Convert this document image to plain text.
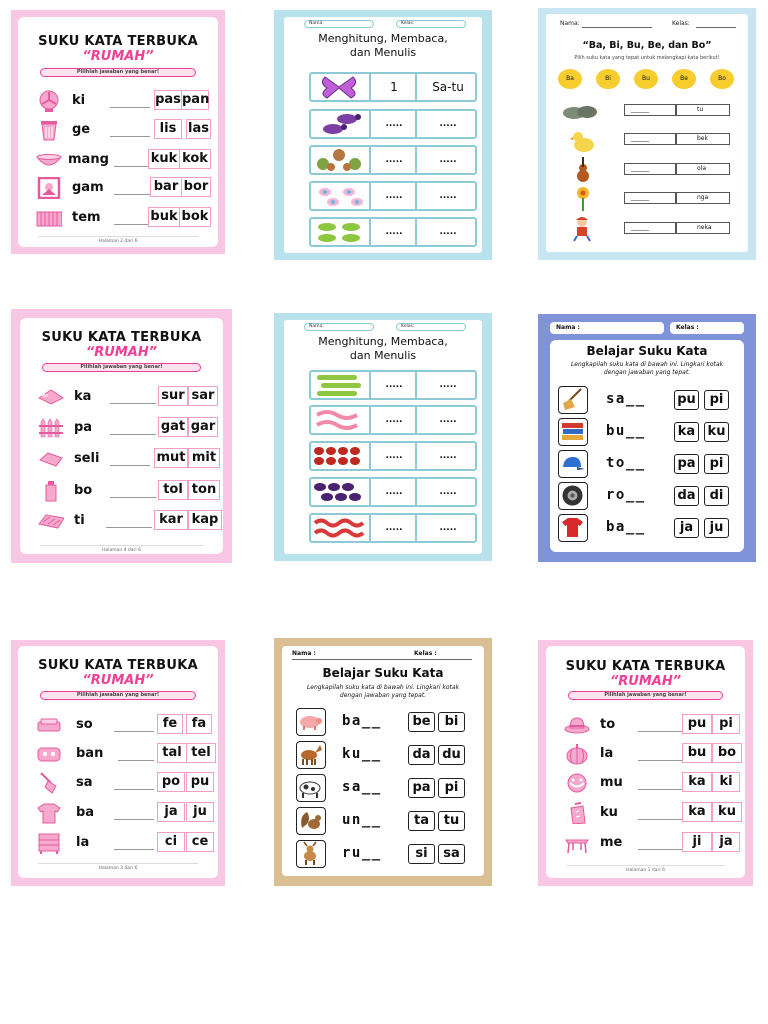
SUKU KATA TERBUKA
“RUMAH”
Pilihlah jawaban yang benar!
ki	pas pan
ge	lis las
mang	kuk kok
gam	bar bor
tem	buk bok
Halaman 2 dari 6
Nama:	Kelas:
Menghitung, Membaca,
dan Menulis
1	Sa-tu
.....	.....
.....	.....
.....	.....
.....	.....
Nama:	Kelas:
“Ba, Bi, Bu, Be, dan Bo”
Pilih suku kata yang tepat untuk melengkapi kata berikut!
Ba	Bi	Bu	Be	Bo
______	tu
______	bek
______	ola
______	nga
______	neka
SUKU KATA TERBUKA
“RUMAH”
Pilihlah jawaban yang benar!
ka	sur sar
pa	gat gar
seli	mut mit
bo	tol ton
ti	kar kap
Halaman 4 dari 6
Nama:	Kelas:
Menghitung, Membaca,
dan Menulis
.....	.....
.....	.....
.....	.....
.....	.....
.....	.....
Nama :	Kelas :
Belajar Suku Kata
Lengkapilah suku kata di bawah ini. Lingkari kotak dengan jawaban yang tepat.
sa__ pu	pi
bu__ ka ku
to__ pa	pi
ro__ da	di
ba__	ja	ju
SUKU KATA TERBUKA
“RUMAH”
Pilihlah jawaban yang benar!
so	fe	fa
ban	tal tel
sa	po pu
ba	ja	ju
la	ci	ce
Halaman 3 dari 6
Nama :	Kelas :
Belajar Suku Kata
Lengkapilah suku kata di bawah ini. Lingkari kotak dengan jawaban yang tepat.
ba__	be	bi
ku__	da du
sa__	pa	pi
un__	ta	tu
ru__	si	sa
SUKU KATA TERBUKA
“RUMAH”
Pilihlah jawaban yang benar!
to	pu pi
la	bu bo
mu	ka	ki
ku	ka ku
me	ji	ja
Halaman 1 dari 6
